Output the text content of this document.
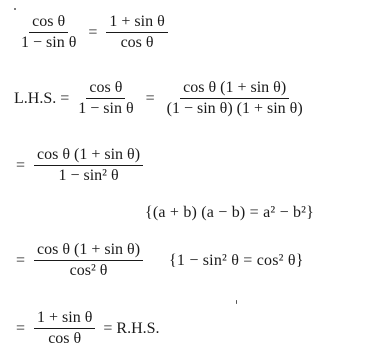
$\frac{\text{cos θ}}{\text{1 − sin θ}} = \frac{\text{1 + sin θ}}{\text{cos θ}}$
L.H.S. = $\frac{\text{cos θ}}{\text{1 − sin θ}} = \frac{\text{cos θ (1 + sin θ)}}{\text{(1 − sin θ) (1 + sin θ)}}$
= $\frac{\text{cos θ (1 + sin θ)}}{\text{1 − sin² θ}}$
{(a + b) (a − b) = a² − b²}
= $\frac{\text{cos θ (1 + sin θ)}}{\text{cos² θ}} \{1 - \sin^2$ θ = cos² θ}
= $\frac{\text{1 + sin θ}}{\text{cos θ}} = R.H.S$.
